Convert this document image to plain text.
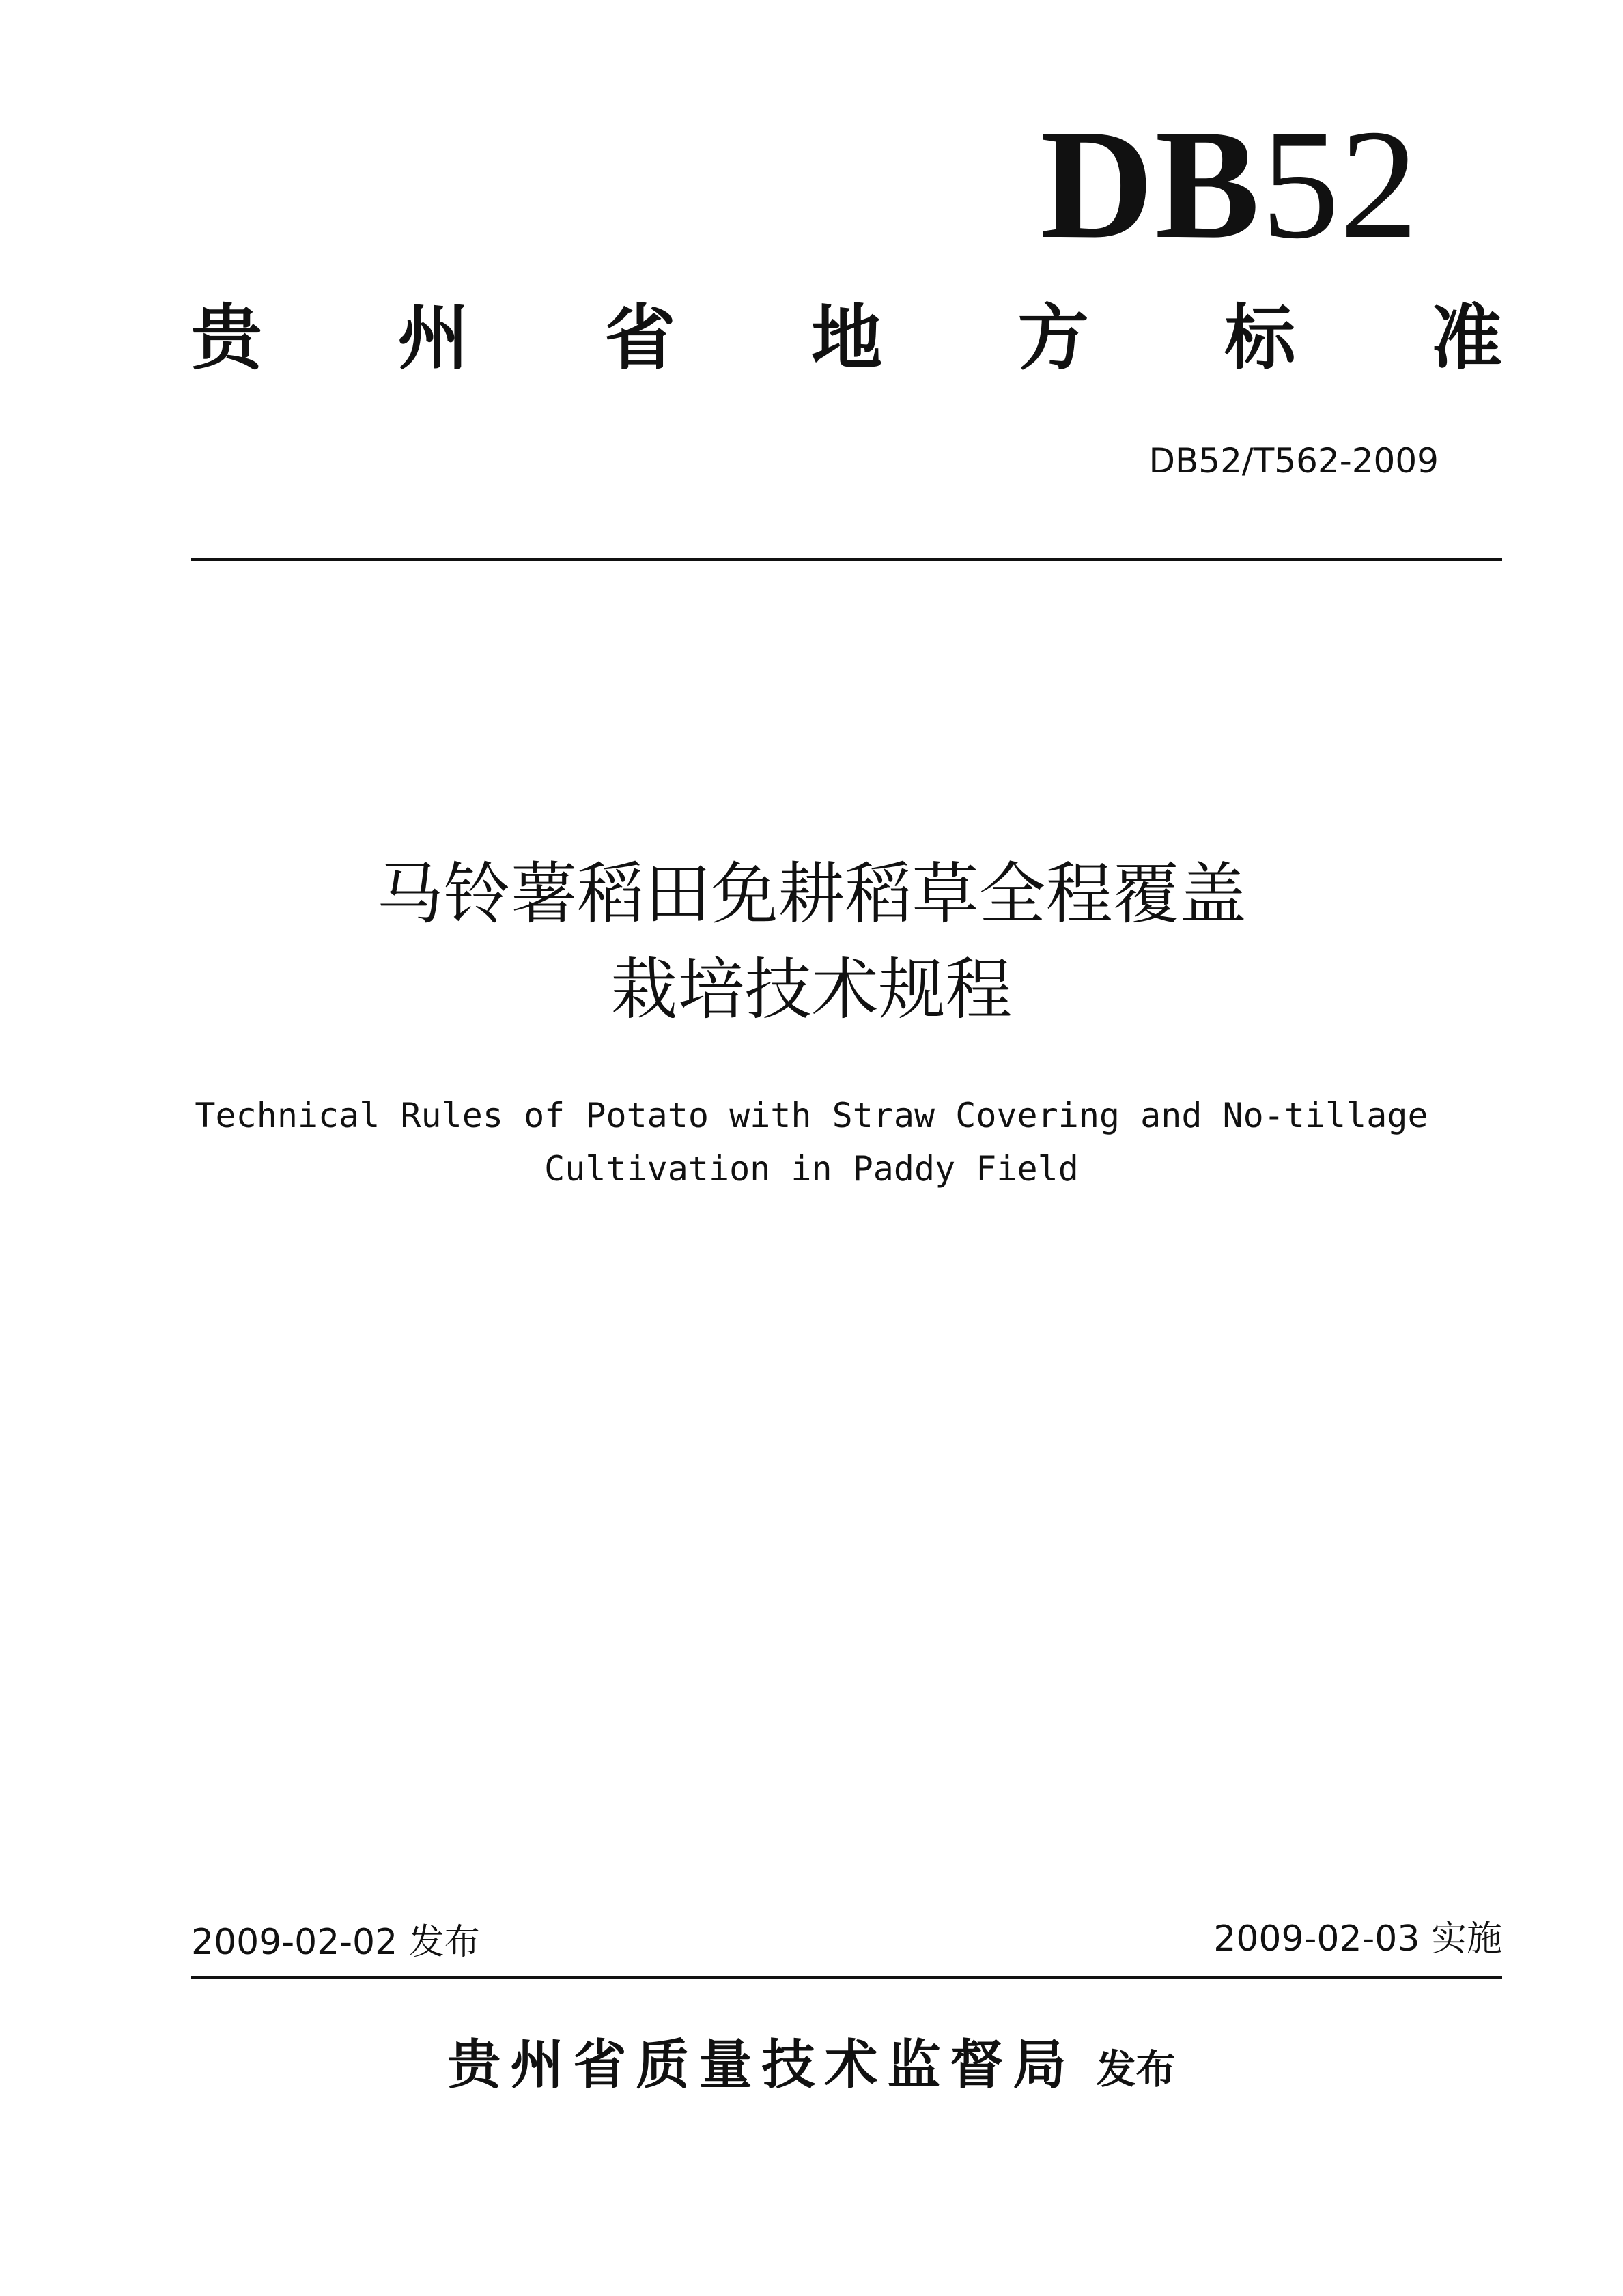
DB52
贵 州 省 地 方 标 准
DB52/T562-2009
马铃薯稻田免耕稻草全程覆盖
栽培技术规程
Technical Rules of Potato with Straw Covering and No-tillage
Cultivation in Paddy Field
2009-02-02 发布	2009-02-03 实施
贵州省质量技术监督局 发布
